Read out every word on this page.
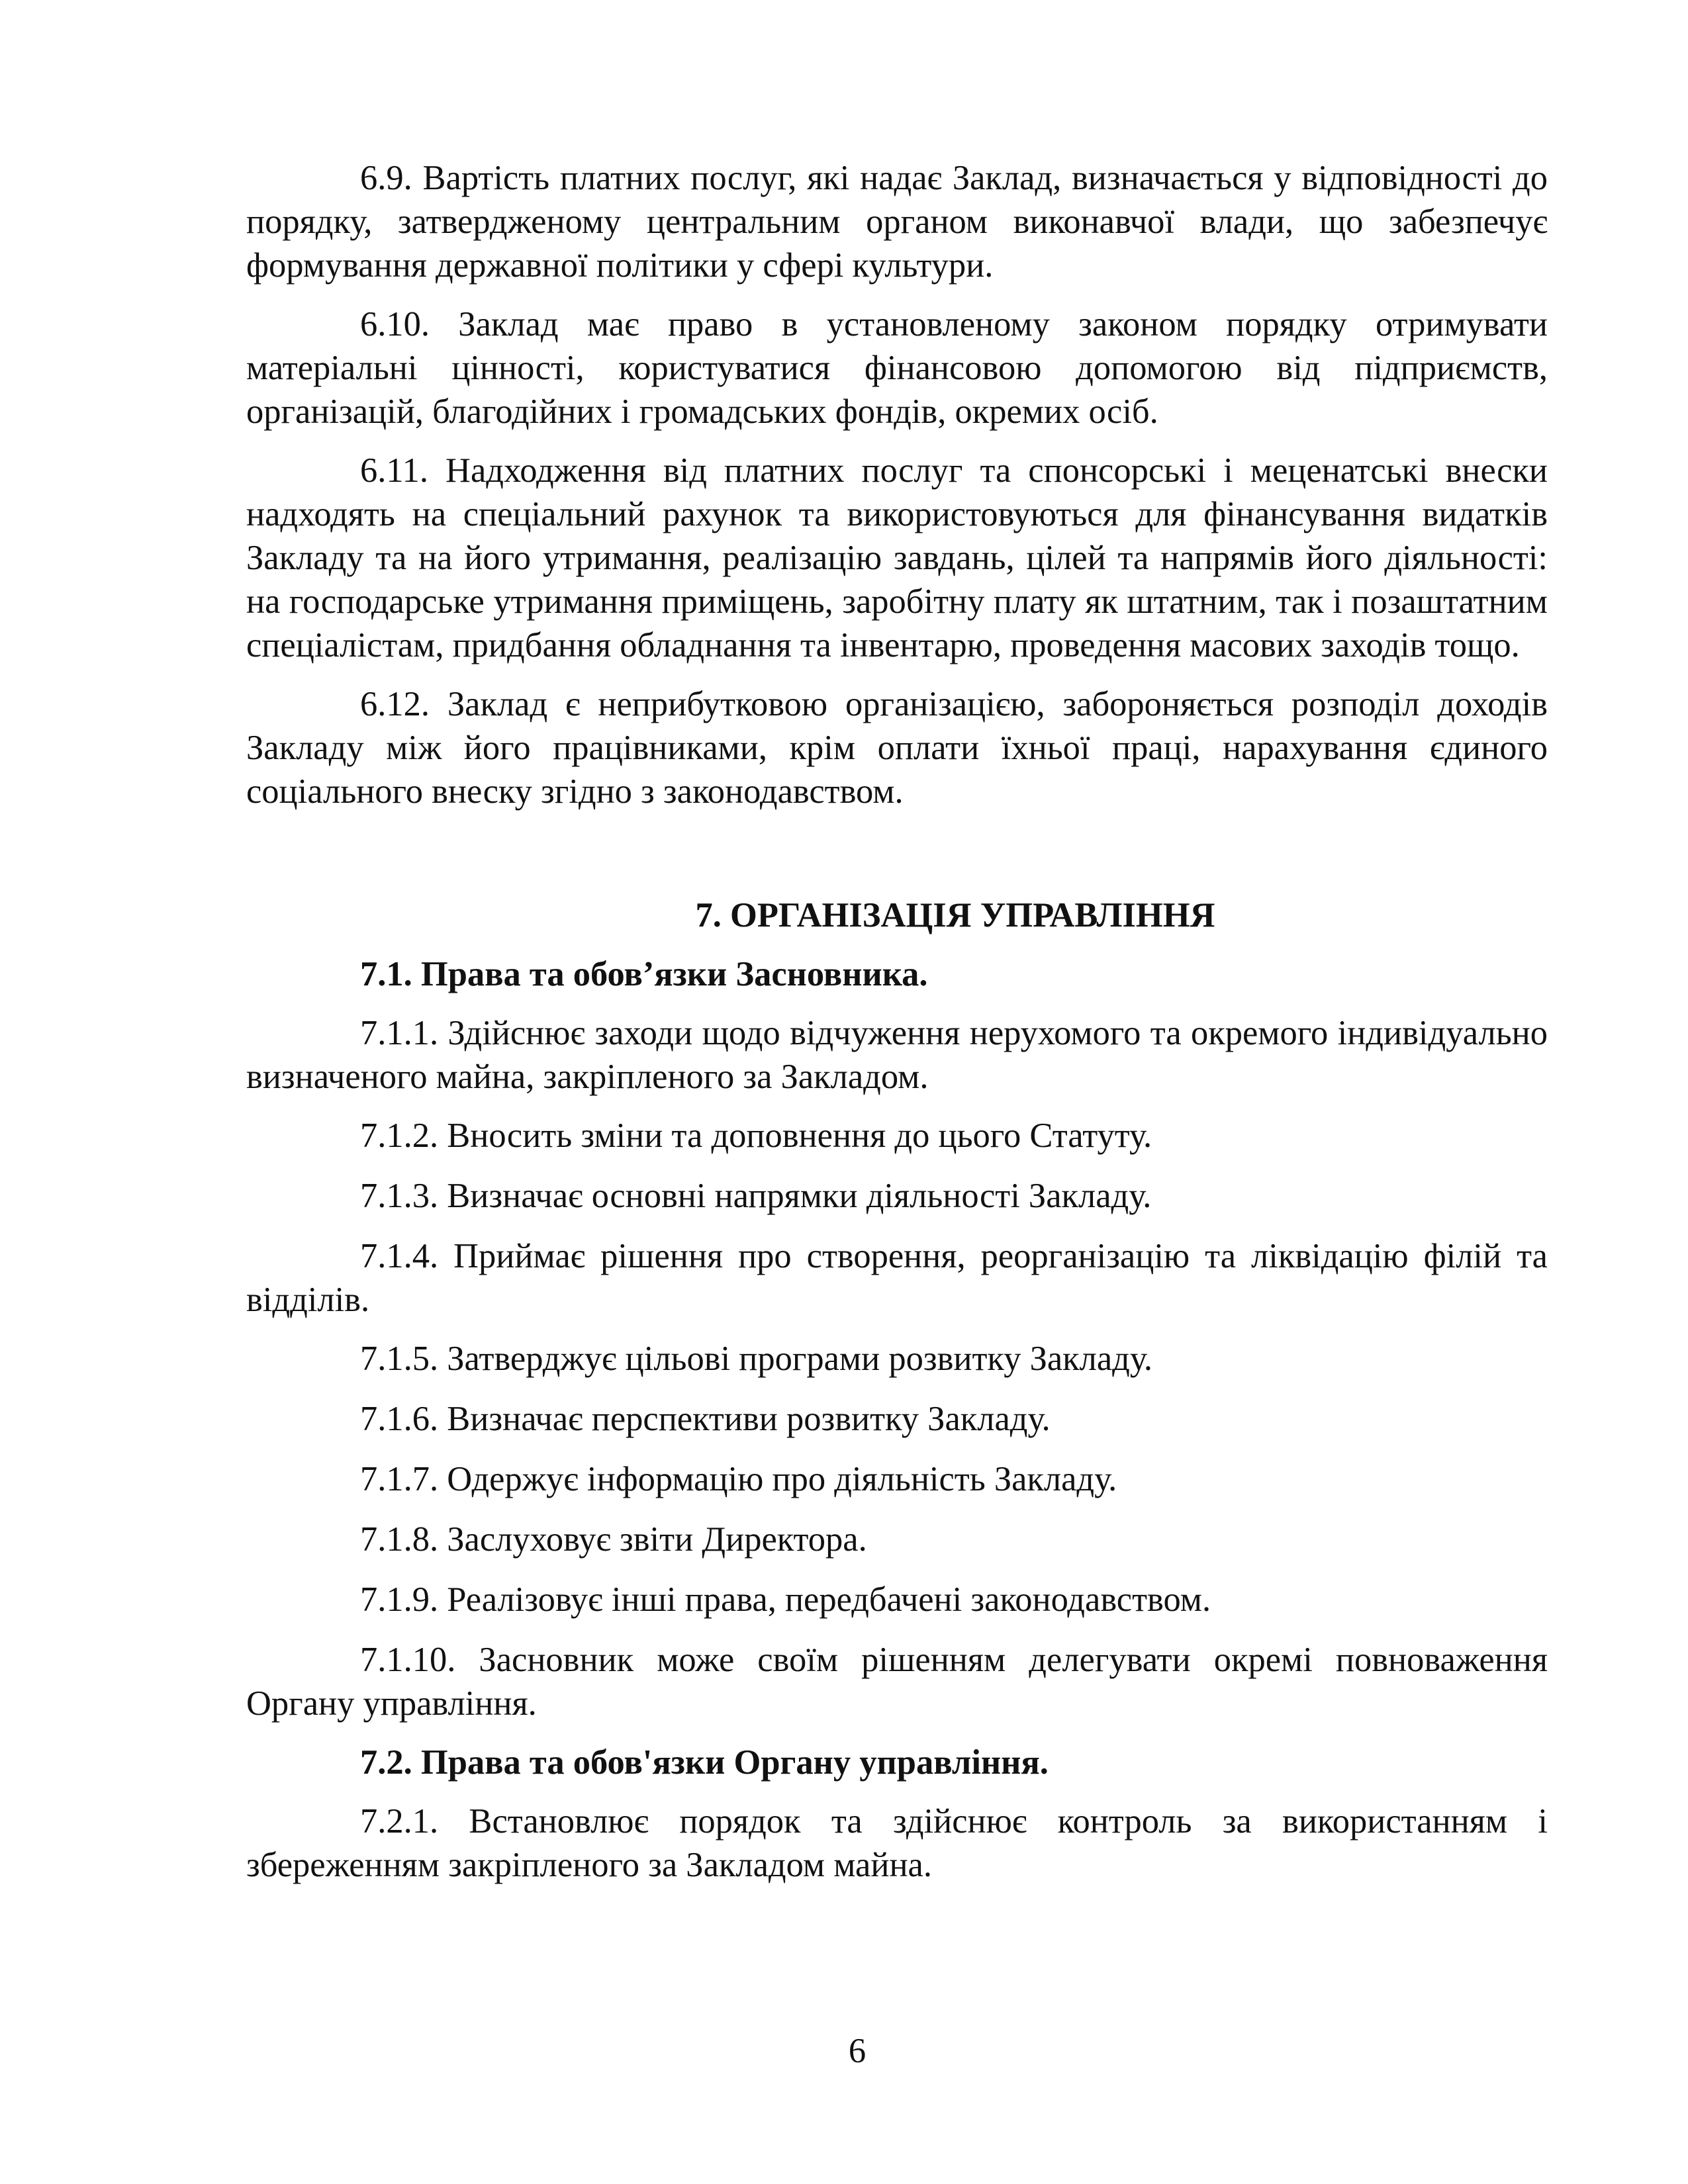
6.9. Вартість платних послуг, які надає Заклад, визначається у відповідності до порядку, затвердженому центральним органом виконавчої влади, що забезпечує формування державної політики у сфері культури.

6.10. Заклад має право в установленому законом порядку отримувати матеріальні цінності, користуватися фінансовою допомогою від підприємств, організацій, благодійних і громадських фондів, окремих осіб.

6.11. Надходження від платних послуг та спонсорські і меценатські внески надходять на спеціальний рахунок та використовуються для фінансування видатків Закладу та на його утримання, реалізацію завдань, цілей та напрямів його діяльності: на господарське утримання приміщень, заробітну плату як штатним, так і позаштатним спеціалістам, придбання обладнання та інвентарю, проведення масових заходів тощо.

6.12. Заклад є неприбутковою організацією, забороняється розподіл доходів Закладу між його працівниками, крім оплати їхньої праці, нарахування єдиного соціального внеску згідно з законодавством.

7. ОРГАНІЗАЦІЯ УПРАВЛІННЯ
7.1. Права та обов’язки Засновника.

7.1.1. Здійснює заходи щодо відчуження нерухомого та окремого індивідуально визначеного майна, закріпленого за Закладом.

7.1.2. Вносить зміни та доповнення до цього Статуту.

7.1.3. Визначає основні напрямки діяльності Закладу.

7.1.4. Приймає рішення про створення, реорганізацію та ліквідацію філій та відділів.

7.1.5. Затверджує цільові програми розвитку Закладу.

7.1.6. Визначає перспективи розвитку Закладу.

7.1.7. Одержує інформацію про діяльність Закладу.

7.1.8. Заслуховує звіти Директора.

7.1.9. Реалізовує інші права, передбачені законодавством.

7.1.10. Засновник може своїм рішенням делегувати окремі повноваження Органу управління.

7.2. Права та обов'язки Органу управління.

7.2.1. Встановлює порядок та здійснює контроль за використанням і збереженням закріпленого за Закладом майна.

6
